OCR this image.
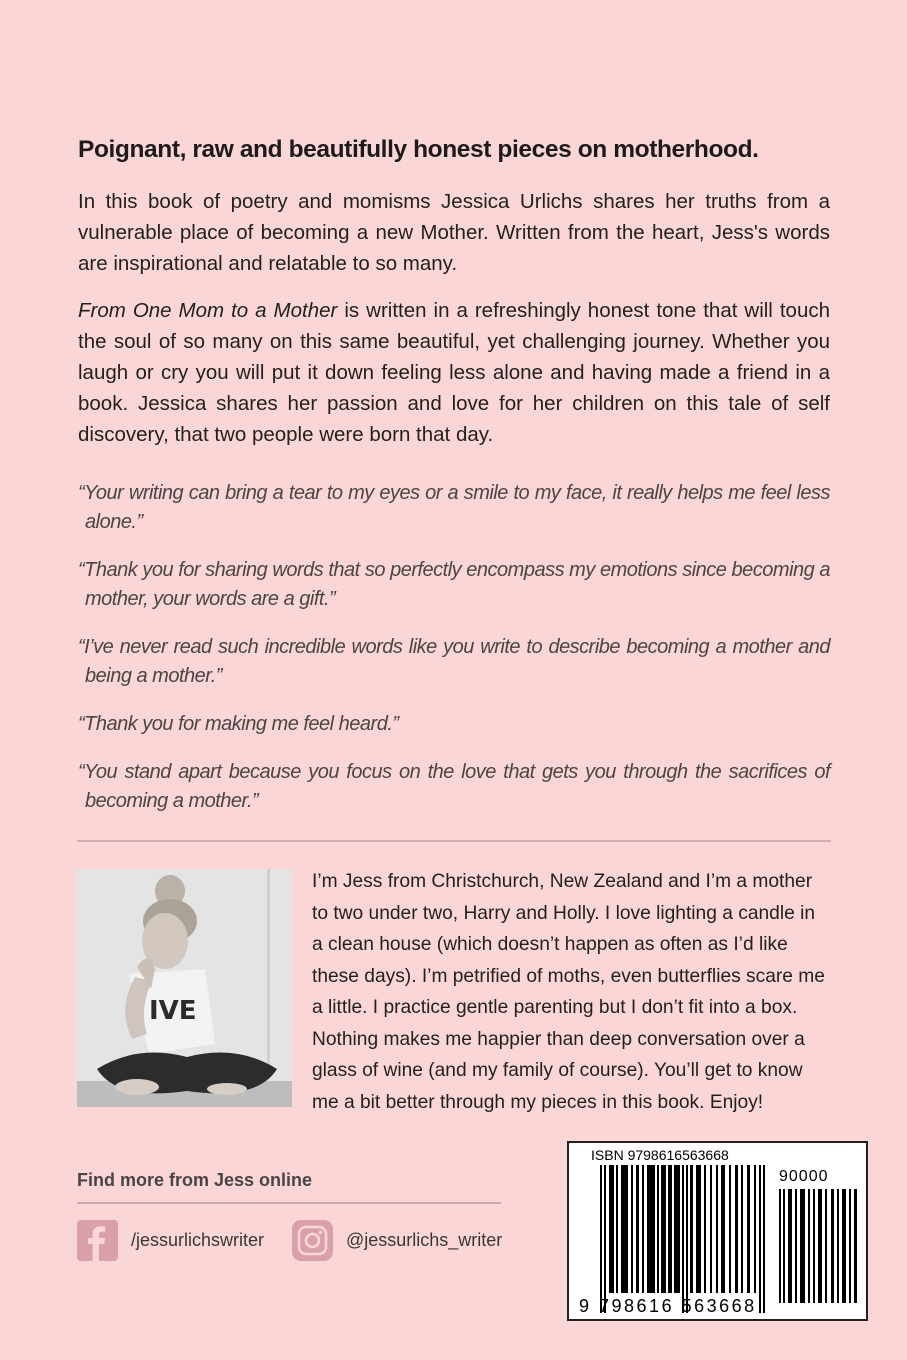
Poignant, raw and beautifully honest pieces on motherhood.
In this book of poetry and momisms Jessica Urlichs shares her truths from a vulnerable place of becoming a new Mother. Written from the heart, Jess's words are inspirational and relatable to so many.
From One Mom to a Mother is written in a refreshingly honest tone that will touch the soul of so many on this same beautiful, yet challenging journey. Whether you laugh or cry you will put it down feeling less alone and having made a friend in a book. Jessica shares her passion and love for her children on this tale of self discovery, that two people were born that day.
“Your writing can bring a tear to my eyes or a smile to my face, it really helps me feel less alone.”
“Thank you for sharing words that so perfectly encompass my emotions since becoming a mother, your words are a gift.”
“I’ve never read such incredible words like you write to describe becoming a mother and being a mother.”
“Thank you for making me feel heard.”
“You stand apart because you focus on the love that gets you through the sacrifices of becoming a mother.”
IVE
I’m Jess from Christchurch, New Zealand and I’m a mother to two under two, Harry and Holly. I love lighting a candle in a clean house (which doesn’t happen as often as I’d like these days). I’m petrified of moths, even butterflies scare me a little. I practice gentle parenting but I don’t fit into a box. Nothing makes me happier than deep conversation over a glass of wine (and my family of course). You’ll get to know me a bit better through my pieces in this book. Enjoy!
Find more from Jess online
/jessurlichswriter	@jessurlichs_writer
ISBN 9798616563668
90000
9 798616 563668
